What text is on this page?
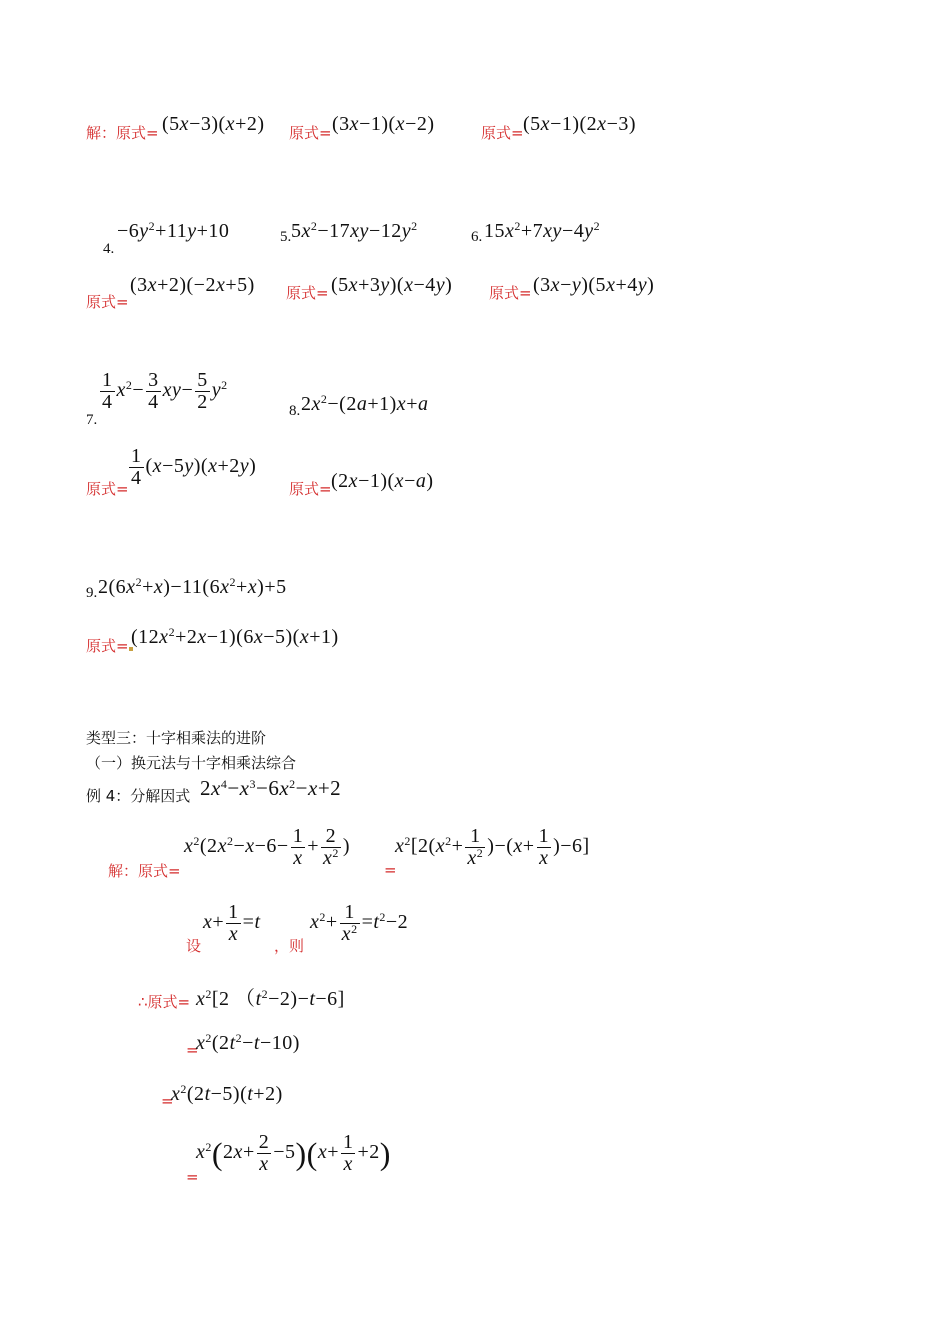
解：原式= (5x−3)(x+2) 原式= (3x−1)(x−2)	原式= (5x−1)(2x−3)
4.
$-6y^2+11y+10$	5. $5x^2-17xy-12y^2$
6. $15x^2+7xy-4y^2$
原式=
(3x+2)(−2x+5) 原式= (5x+3y)(x−4y) 原式= (3x−y)(5x+4y)
7.
$\frac{1}{4} x^2- \frac{3}{4} xy- \frac{5}{2} y^2$
8. $2x^2-(2a+1)x+a$
原式= $\frac{1}{4} (x-5y)(x+2y)$
原式= (2x−1)(x−a)
9. $2(6x^2+x)-11(6x^2+x)+5$
原式= $(12x^2+2x-1)(6x-5)(x+1)$
类型三：十字相乘法的进阶
（一）换元法与十字相乘法综合
例 4：分解因式 $2x^4-x^3-6x^2-x+2$
解：原式=
$x^2(2x^2-x-6- \frac{1}{x} + \frac{2}{x^2}$ )
=
$x^2[2(x^2+ \frac{1}{x^2} )-(x+ \frac{1}{x} )-6]$
设
$x+ \frac{1}{x} =t$
，则
$x^2+ \frac{1}{x^2} =t^2-2$
∴原式= $x^2[2$ $(t^2-2)-t-6$]
=
$x^2(2t^2-t-10)$
=
$x^2(2t-5)(t+2)$
=
$x^2(2x+ \frac{2}{x} -5)(x+ \frac{1}{x} +2)$
